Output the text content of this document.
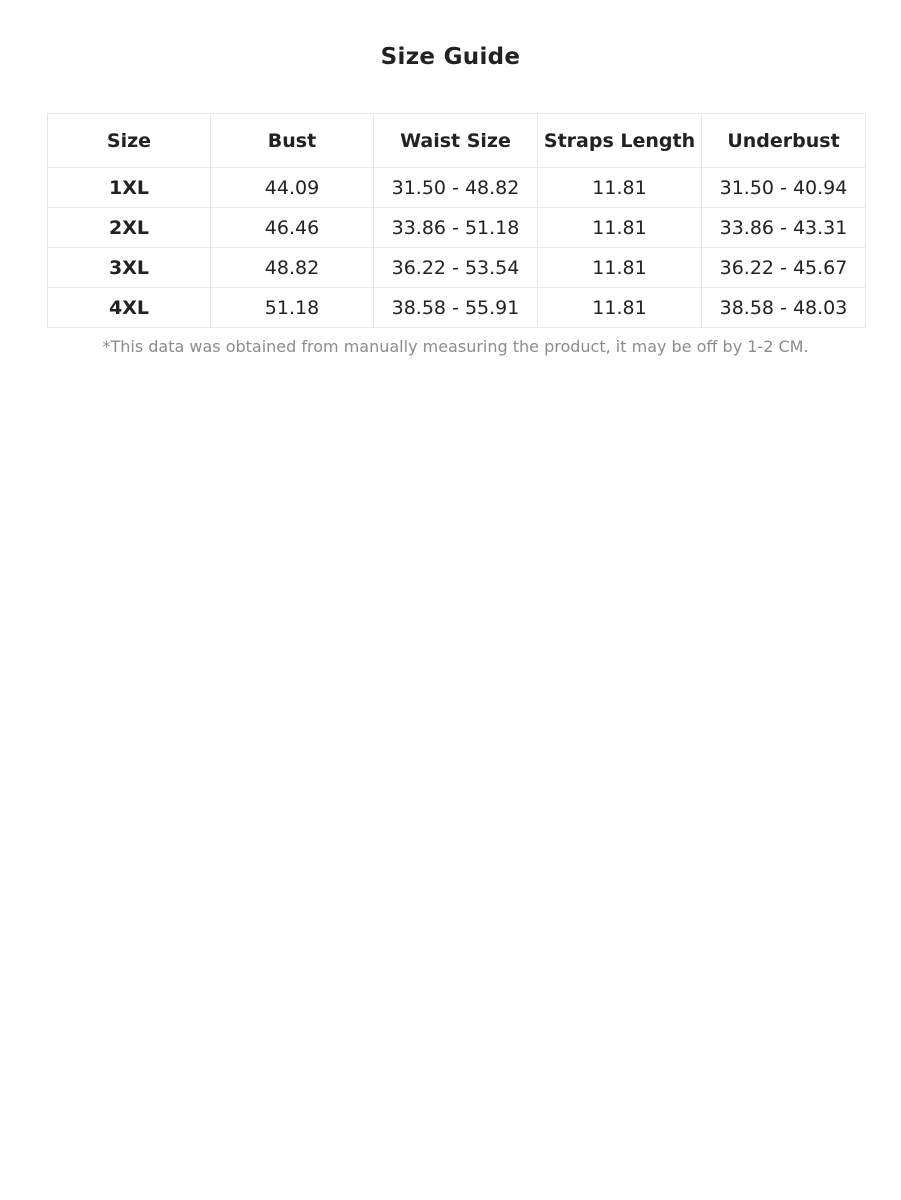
Size Guide
Size	Bust	Waist Size	Straps Length	Underbust
1XL	44.09	31.50 - 48.82	11.81	31.50 - 40.94
2XL	46.46	33.86 - 51.18	11.81	33.86 - 43.31
3XL	48.82	36.22 - 53.54	11.81	36.22 - 45.67
4XL	51.18	38.58 - 55.91	11.81	38.58 - 48.03
*This data was obtained from manually measuring the product, it may be off by 1-2 CM.
